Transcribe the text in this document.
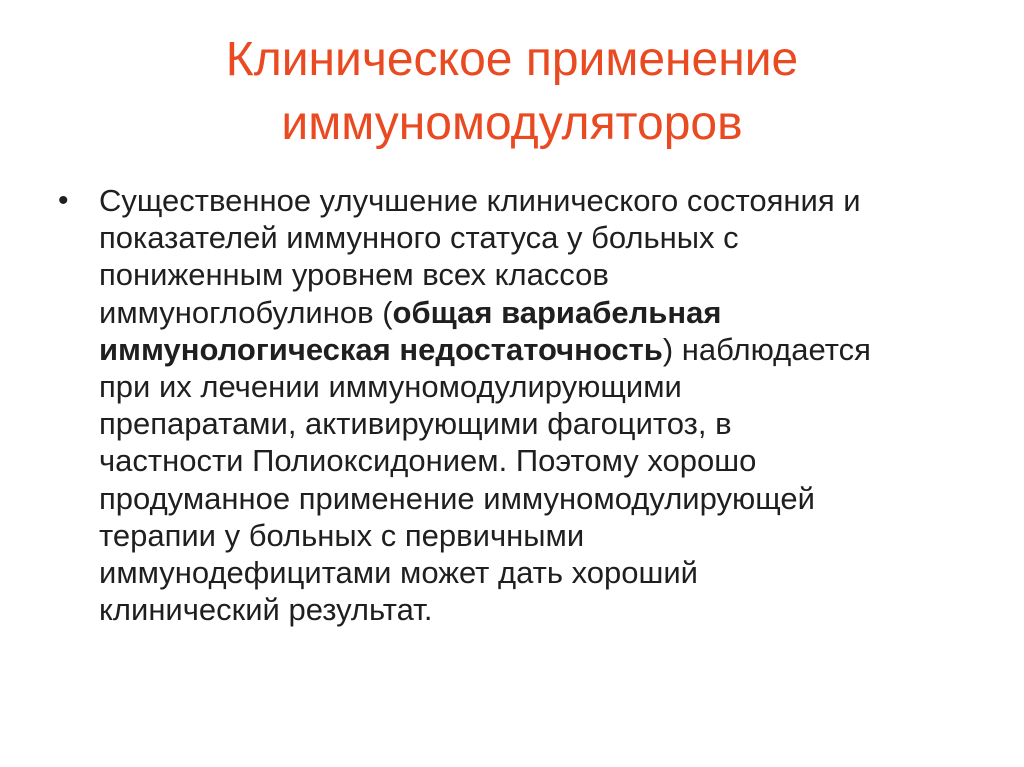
Клиническое применение
иммуномодуляторов
• Существенное улучшение клинического состояния и
показателей иммунного статуса у больных с
пониженным уровнем всех классов
иммуноглобулинов (общая вариабельная
иммунологическая недостаточность) наблюдается
при их лечении иммуномодулирующими
препаратами, активирующими фагоцитоз, в
частности Полиоксидонием. Поэтому хорошо
продуманное применение иммуномодулирующей
терапии у больных с первичными
иммунодефицитами может дать хороший
клинический результат.
